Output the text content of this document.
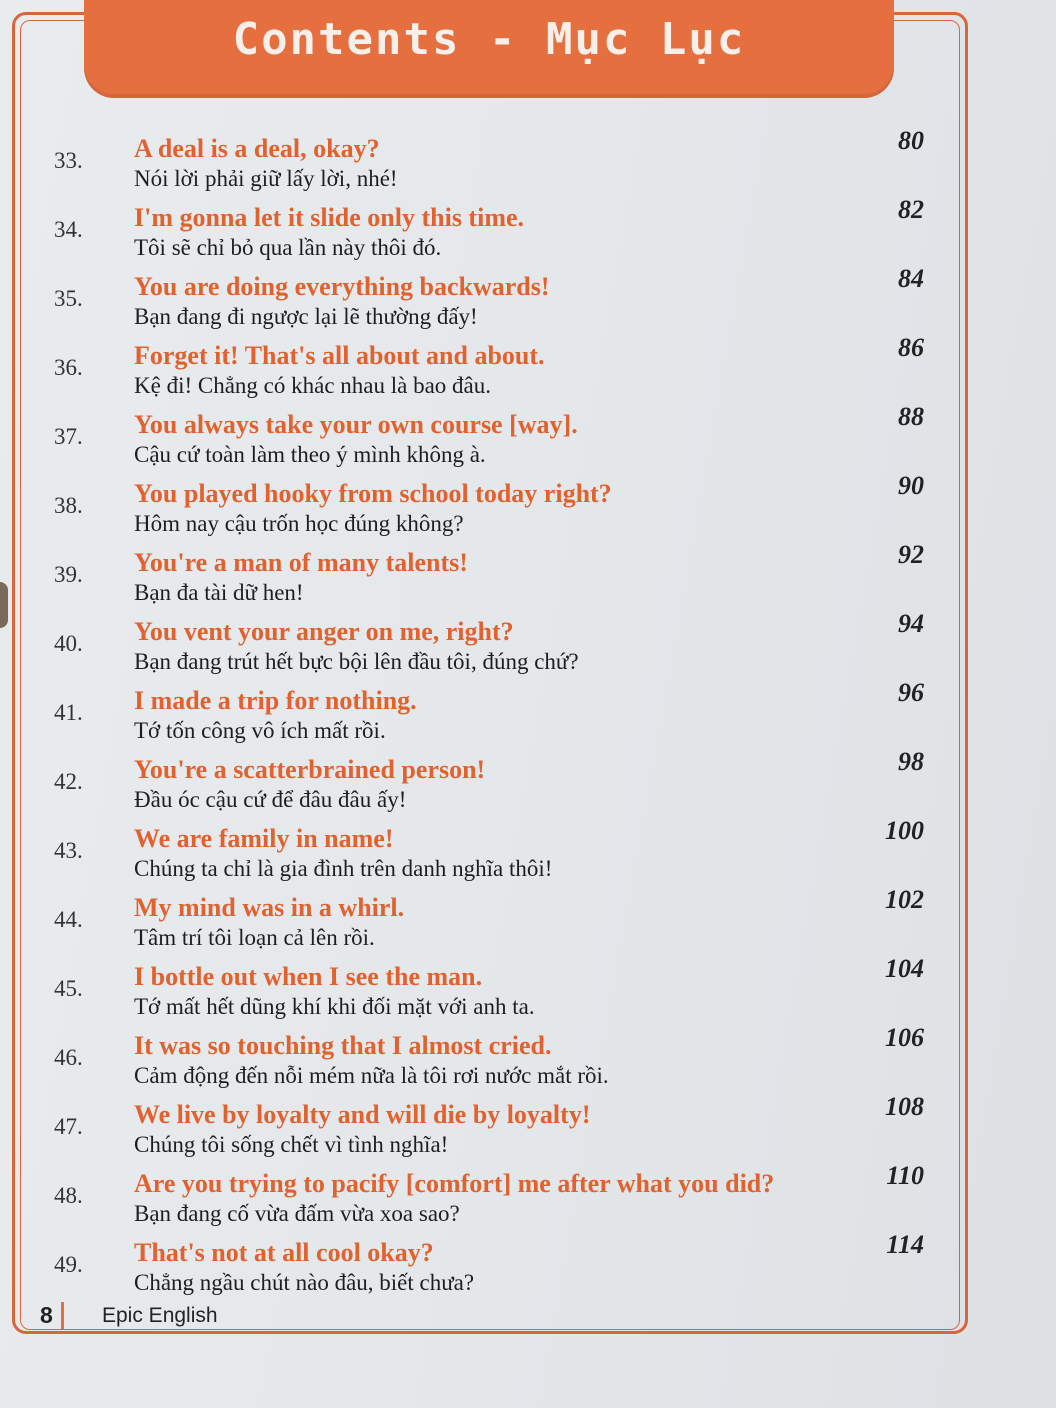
Contents - Mục Lục
33. A deal is a deal, okay?
Nói lời phải giữ lấy lời, nhé!
80
34. I'm gonna let it slide only this time.
Tôi sẽ chỉ bỏ qua lần này thôi đó.
82
35. You are doing everything backwards!
Bạn đang đi ngược lại lẽ thường đấy!
84
36. Forget it! That's all about and about.
Kệ đi! Chẳng có khác nhau là bao đâu.
86
37. You always take your own course [way].
Cậu cứ toàn làm theo ý mình không à.
88
38. You played hooky from school today right?
Hôm nay cậu trốn học đúng không?
90
39. You're a man of many talents!
Bạn đa tài dữ hen!
92
40. You vent your anger on me, right?
Bạn đang trút hết bực bội lên đầu tôi, đúng chứ?
94
41. I made a trip for nothing.
Tớ tốn công vô ích mất rồi.
96
42. You're a scatterbrained person!
Đầu óc cậu cứ để đâu đâu ấy!
98
43. We are family in name!
Chúng ta chỉ là gia đình trên danh nghĩa thôi!
100
44. My mind was in a whirl.
Tâm trí tôi loạn cả lên rồi.
102
45. I bottle out when I see the man.
Tớ mất hết dũng khí khi đối mặt với anh ta.
104
46. It was so touching that I almost cried.
Cảm động đến nỗi mém nữa là tôi rơi nước mắt rồi.
106
47. We live by loyalty and will die by loyalty!
Chúng tôi sống chết vì tình nghĩa!
108
48. Are you trying to pacify [comfort] me after what you did?
Bạn đang cố vừa đấm vừa xoa sao?
110
49. That's not at all cool okay?
Chẳng ngầu chút nào đâu, biết chưa?
114
8	Epic English
